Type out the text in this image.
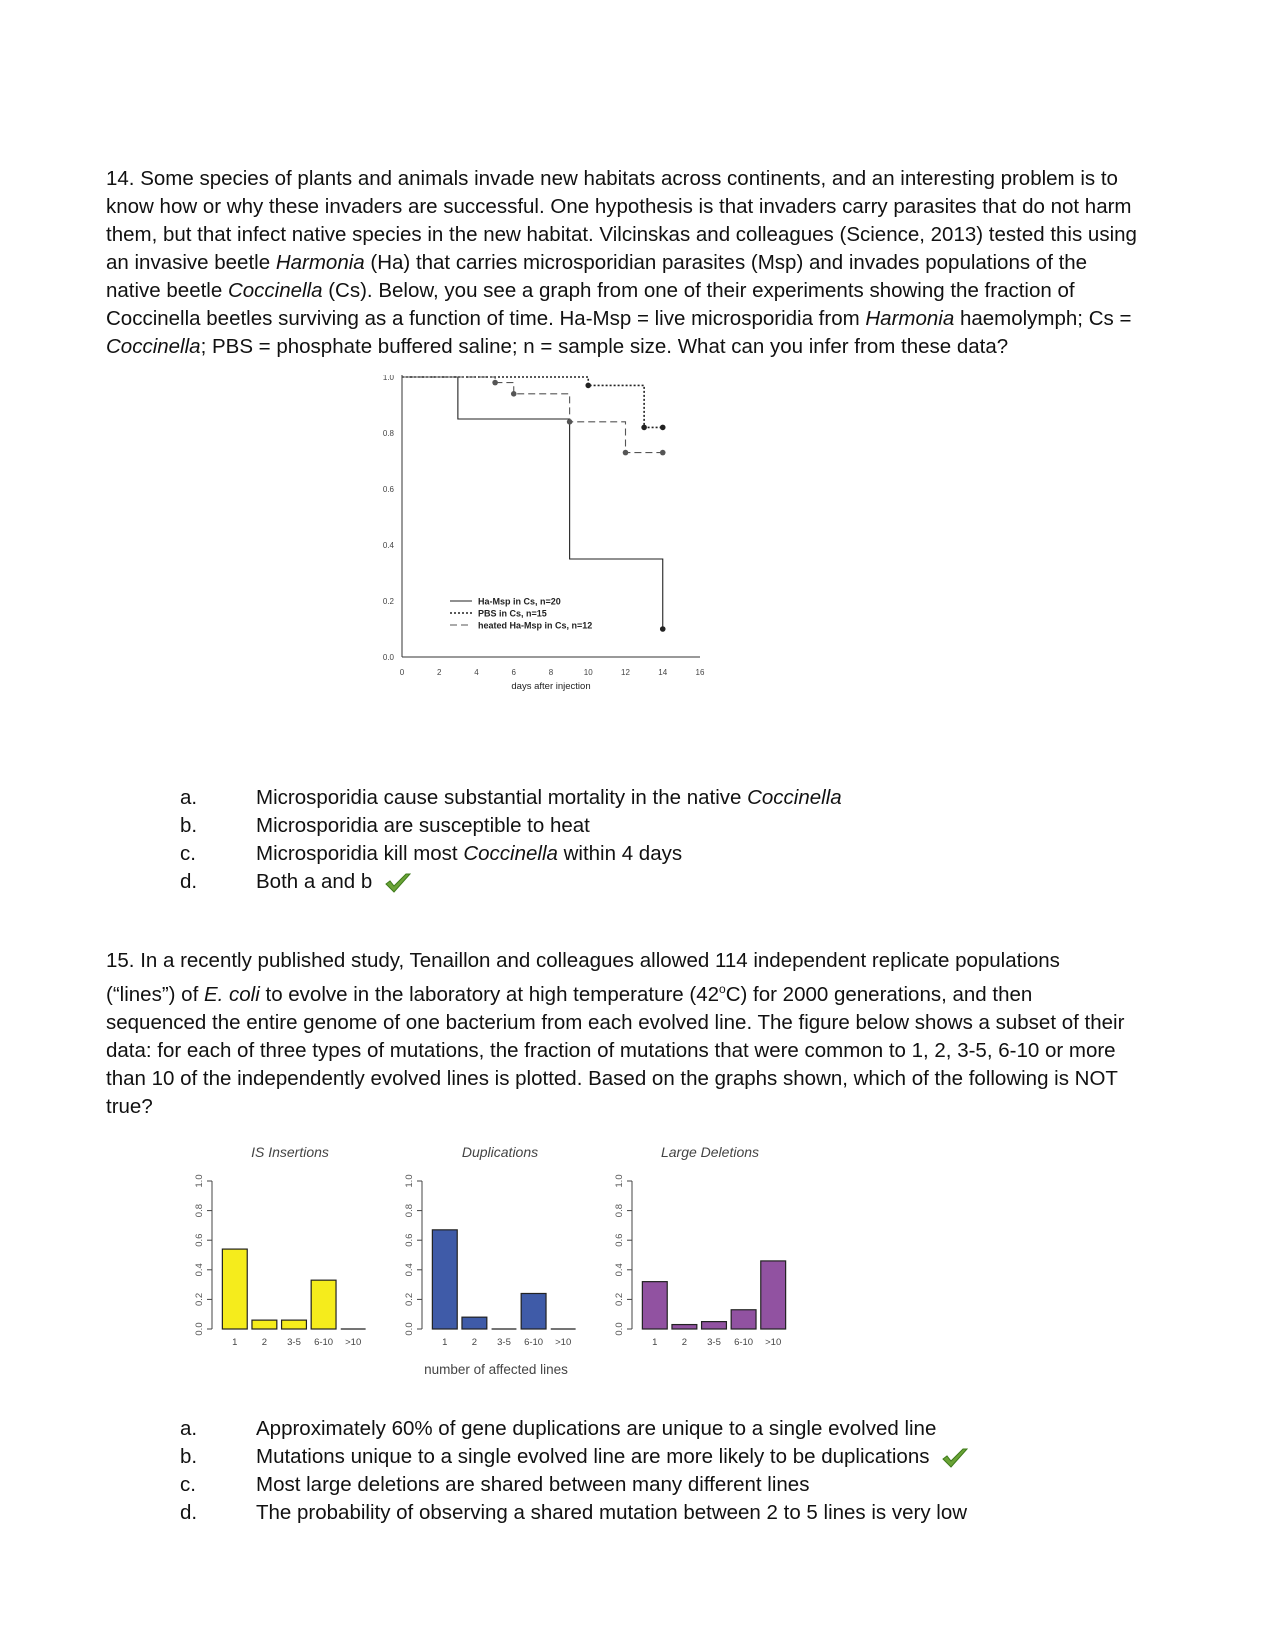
14. Some species of plants and animals invade new habitats across continents, and an interesting problem is to
know how or why these invaders are successful. One hypothesis is that invaders carry parasites that do not harm
them, but that infect native species in the new habitat. Vilcinskas and colleagues (Science, 2013) tested this using
an invasive beetle Harmonia (Ha) that carries microsporidian parasites (Msp) and invades populations of the
native beetle Coccinella (Cs). Below, you see a graph from one of their experiments showing the fraction of
Coccinella beetles surviving as a function of time. Ha-Msp = live microsporidia from Harmonia haemolymph; Cs =
Coccinella; PBS = phosphate buffered saline; n = sample size. What can you infer from these data?
0.0
0.2
0.4
0.6
0.8
1.0
0	2	4	6	8	10	12	14	16
days after injection
Ha-Msp in Cs, n=20
PBS in Cs, n=15
heated Ha-Msp in Cs, n=12
a.	Microsporidia cause substantial mortality in the native Coccinella
b.	Microsporidia are susceptible to heat
c.	Microsporidia kill most Coccinella within 4 days
d.	Both a and b
15. In a recently published study, Tenaillon and colleagues allowed 114 independent replicate populations
(“lines”) of E. coli to evolve in the laboratory at high temperature (42$^o$C) for 2000 generations, and then
sequenced the entire genome of one bacterium from each evolved line. The figure below shows a subset of their
data: for each of three types of mutations, the fraction of mutations that were common to 1, 2, 3-5, 6-10 or more
than 10 of the independently evolved lines is plotted. Based on the graphs shown, which of the following is NOT
true?
IS Insertions
0.0
0.2
0.4
0.6
0.8
1.0
1	2 3-5 6-10 >10
Duplications
0.0
0.2
0.4
0.6
0.8
1.0
1	2 3-5 6-10 >10
number of affected lines
Large Deletions
0.0
0.2
0.4
0.6
0.8
1.0
1	2 3-5 6-10 >10
a.	Approximately 60% of gene duplications are unique to a single evolved line
b.	Mutations unique to a single evolved line are more likely to be duplications
c.	Most large deletions are shared between many different lines
d.	The probability of observing a shared mutation between 2 to 5 lines is very low
